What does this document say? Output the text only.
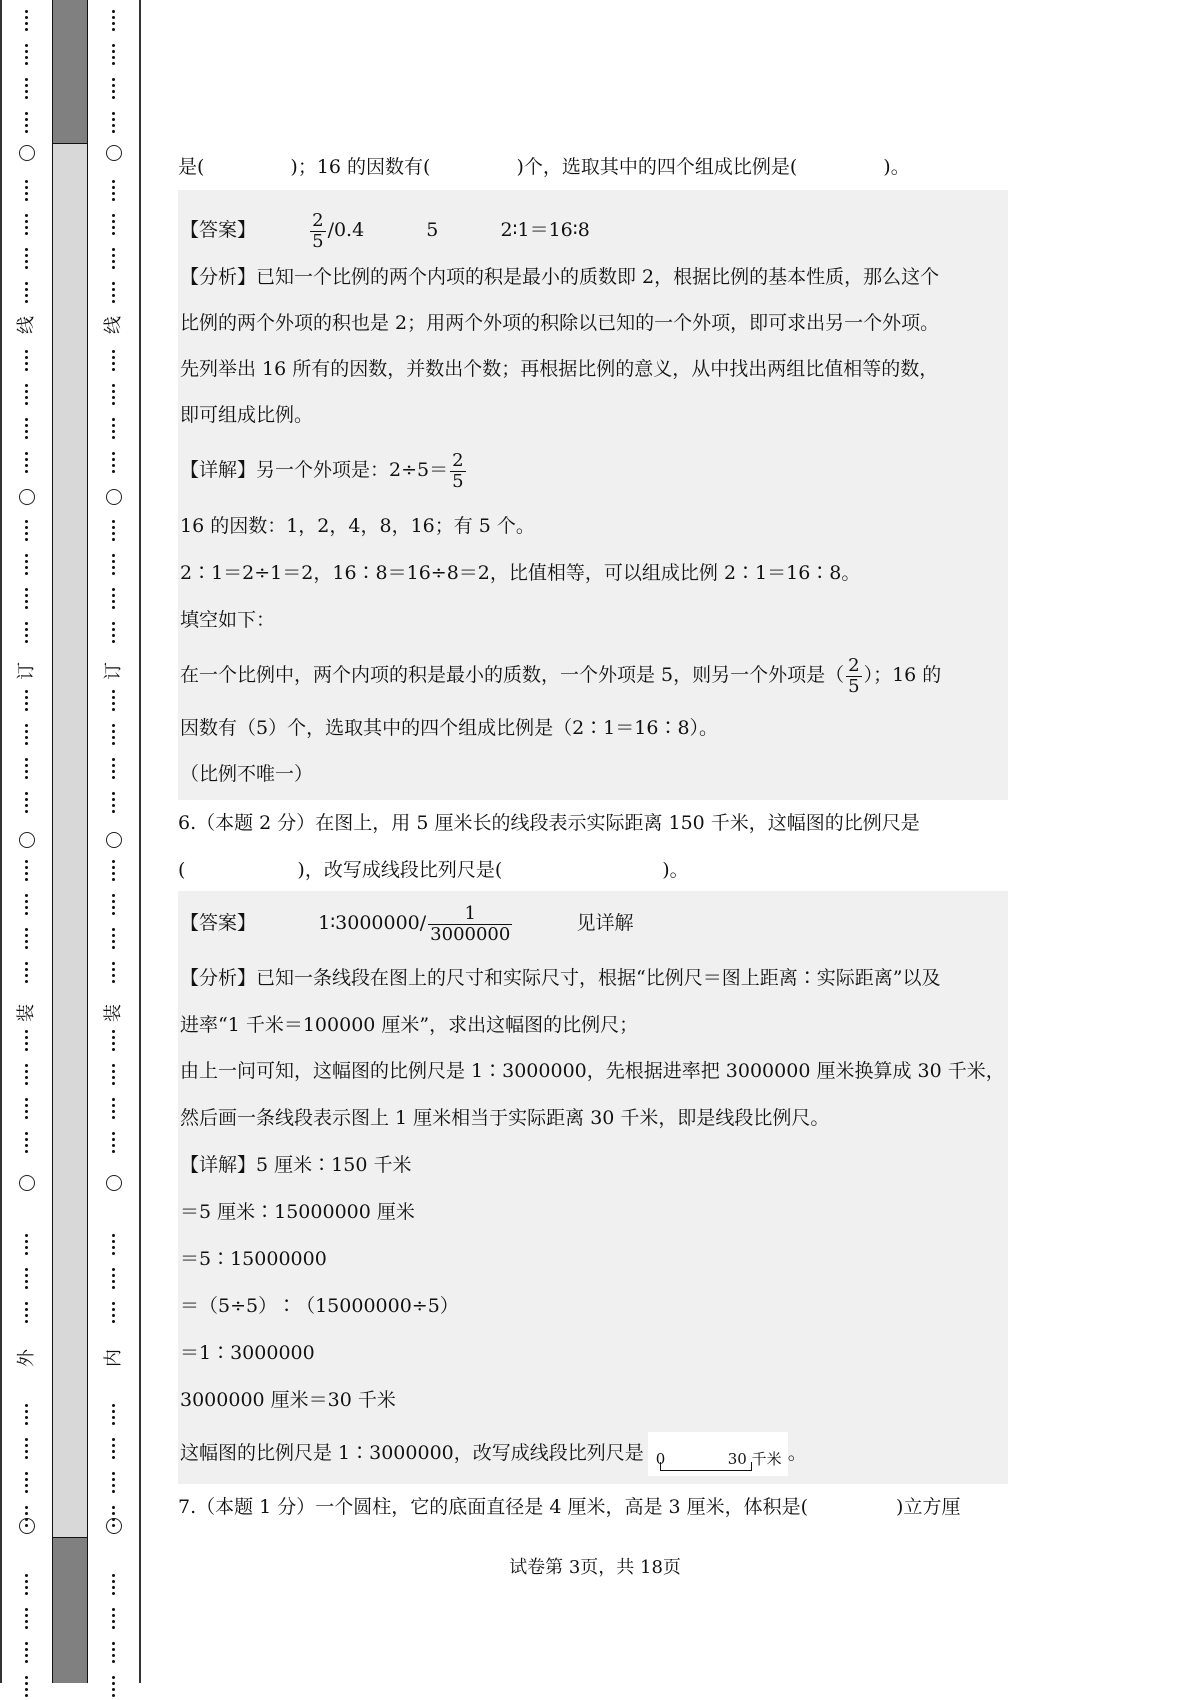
线
订
装
外
线
订
装
内
是(	)；16 的因数有(	)个，选取其中的四个组成比例是(	)。
【答案】	$\frac{2}{5} /0.4$	5	2∶1＝16∶8
【分析】已知一个比例的两个内项的积是最小的质数即 2，根据比例的基本性质，那么这个
比例的两个外项的积也是 2；用两个外项的积除以已知的一个外项，即可求出另一个外项。
先列举出 16 所有的因数，并数出个数；再根据比例的意义，从中找出两组比值相等的数，
即可组成比例。
【详解】另一个外项是：$2\div 5= \frac{2}{5}$
16 的因数：1，2，4，8，16；有 5 个。
2∶1＝2÷1＝2，16∶8＝16÷8＝2，比值相等，可以组成比例 2∶1＝16∶8。
填空如下：
在一个比例中，两个内项的积是最小的质数，一个外项是 5，则另一个外项是（ $\frac{2}{5}$ ）；16 的
因数有（5）个，选取其中的四个组成比例是（2∶1＝16∶8）。
（比例不唯一）
6.（本题 2 分）在图上，用 5 厘米长的线段表示实际距离 150 千米，这幅图的比例尺是
(	)，改写成线段比列尺是(	)。
【答案】	1∶3000000/ $\frac{1}{3000000}$	见详解
【分析】已知一条线段在图上的尺寸和实际尺寸，根据“比例尺＝图上距离∶实际距离”以及
进率“1 千米＝100000 厘米”，求出这幅图的比例尺；
由上一问可知，这幅图的比例尺是 1∶3000000，先根据进率把 3000000 厘米换算成 30 千米，
然后画一条线段表示图上 1 厘米相当于实际距离 30 千米，即是线段比例尺。
【详解】5 厘米∶150 千米
＝5 厘米∶15000000 厘米
＝5∶15000000
＝（5÷5）∶（15000000÷5）
＝1∶3000000
3000000 厘米＝30 千米
这幅图的比例尺是 1∶3000000，改写成线段比列尺是 0	30 千米 。
7.（本题 1 分）一个圆柱，它的底面直径是 4 厘米，高是 3 厘米，体积是(	)立方厘
试卷第 3页，共 18页
